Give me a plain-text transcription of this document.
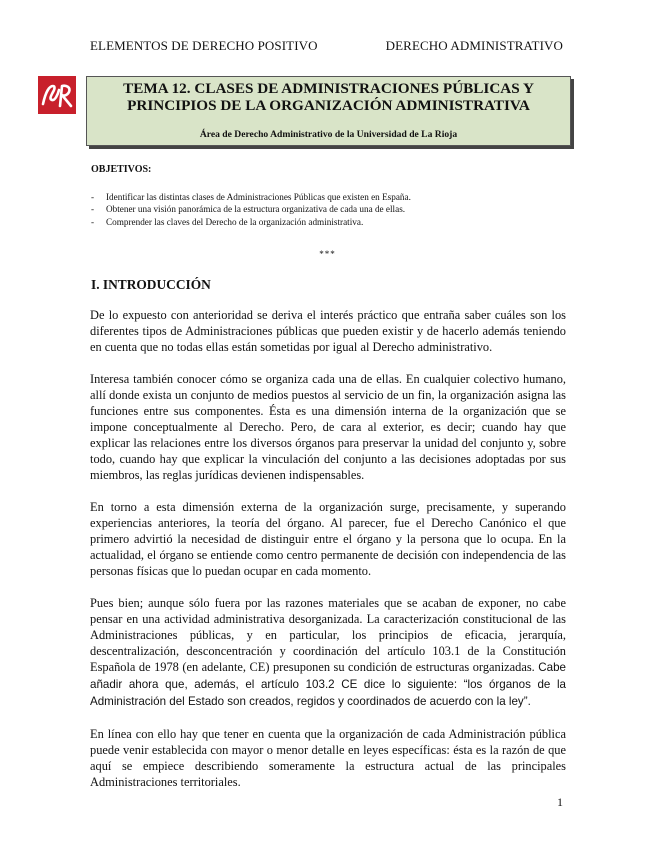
ELEMENTOS DE DERECHO POSITIVO	DERECHO ADMINISTRATIVO
TEMA 12. CLASES DE ADMINISTRACIONES PÚBLICAS Y
PRINCIPIOS DE LA ORGANIZACIÓN ADMINISTRATIVA
Área de Derecho Administrativo de la Universidad de La Rioja
OBJETIVOS:
- Identificar las distintas clases de Administraciones Públicas que existen en España.
- Obtener una visión panorámica de la estructura organizativa de cada una de ellas.
- Comprender las claves del Derecho de la organización administrativa.
***
I. INTRODUCCIÓN

De lo expuesto con anterioridad se deriva el interés práctico que entraña saber cuáles son los diferentes tipos de Administraciones públicas que pueden existir y de hacerlo además teniendo en cuenta que no todas ellas están sometidas por igual al Derecho administrativo.

Interesa también conocer cómo se organiza cada una de ellas. En cualquier colectivo humano, allí donde exista un conjunto de medios puestos al servicio de un fin, la organización asigna las funciones entre sus componentes. Ésta es una dimensión interna de la organización que se impone conceptualmente al Derecho. Pero, de cara al exterior, es decir; cuando hay que explicar las relaciones entre los diversos órganos para preservar la unidad del conjunto y, sobre todo, cuando hay que explicar la vinculación del conjunto a las decisiones adoptadas por sus miembros, las reglas jurídicas devienen indispensables.

En torno a esta dimensión externa de la organización surge, precisamente, y superando experiencias anteriores, la teoría del órgano. Al parecer, fue el Derecho Canónico el que primero advirtió la necesidad de distinguir entre el órgano y la persona que lo ocupa. En la actualidad, el órgano se entiende como centro permanente de decisión con independencia de las personas físicas que lo puedan ocupar en cada momento.

Pues bien; aunque sólo fuera por las razones materiales que se acaban de exponer, no cabe pensar en una actividad administrativa desorganizada. La caracterización constitucional de las Administraciones públicas, y en particular, los principios de eficacia, jerarquía, descentralización, desconcentración y coordinación del artículo 103.1 de la Constitución Española de 1978 (en adelante, CE) presuponen su condición de estructuras organizadas. Cabe añadir ahora que, además, el artículo 103.2 CE dice lo siguiente: “los órganos de la Administración del Estado son creados, regidos y coordinados de acuerdo con la ley”.

En línea con ello hay que tener en cuenta que la organización de cada Administración pública puede venir establecida con mayor o menor detalle en leyes específicas: ésta es la razón de que aquí se empiece describiendo someramente la estructura actual de las principales Administraciones territoriales.

1
